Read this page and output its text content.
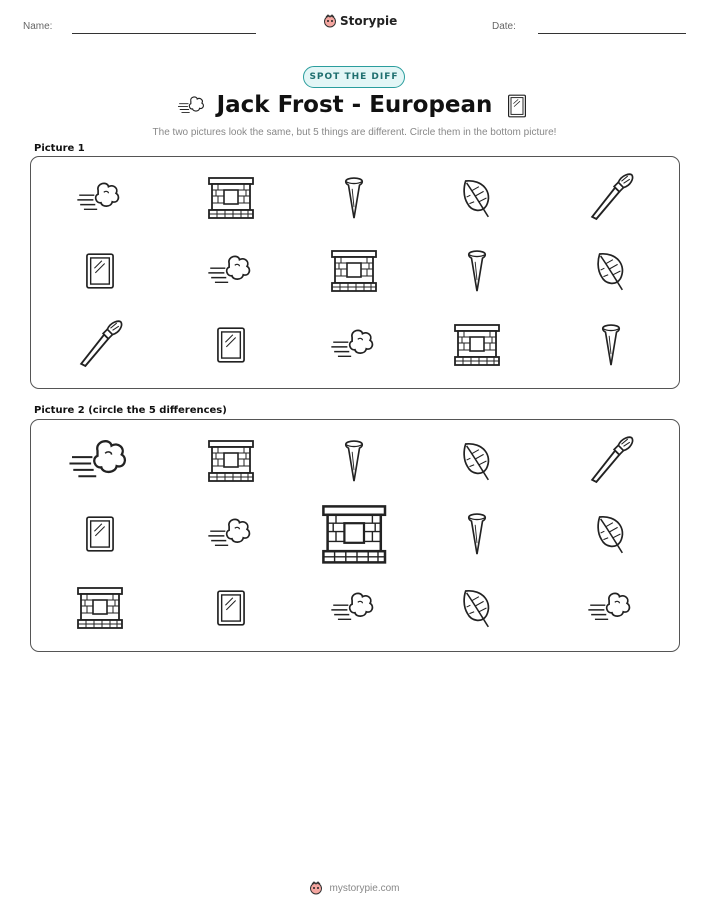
Name:	Storypie	Date:
SPOT THE DIFF
Jack Frost - European
The two pictures look the same, but 5 things are different. Circle them in the bottom picture!
Picture 1
Picture 2 (circle the 5 differences)
mystorypie.com
